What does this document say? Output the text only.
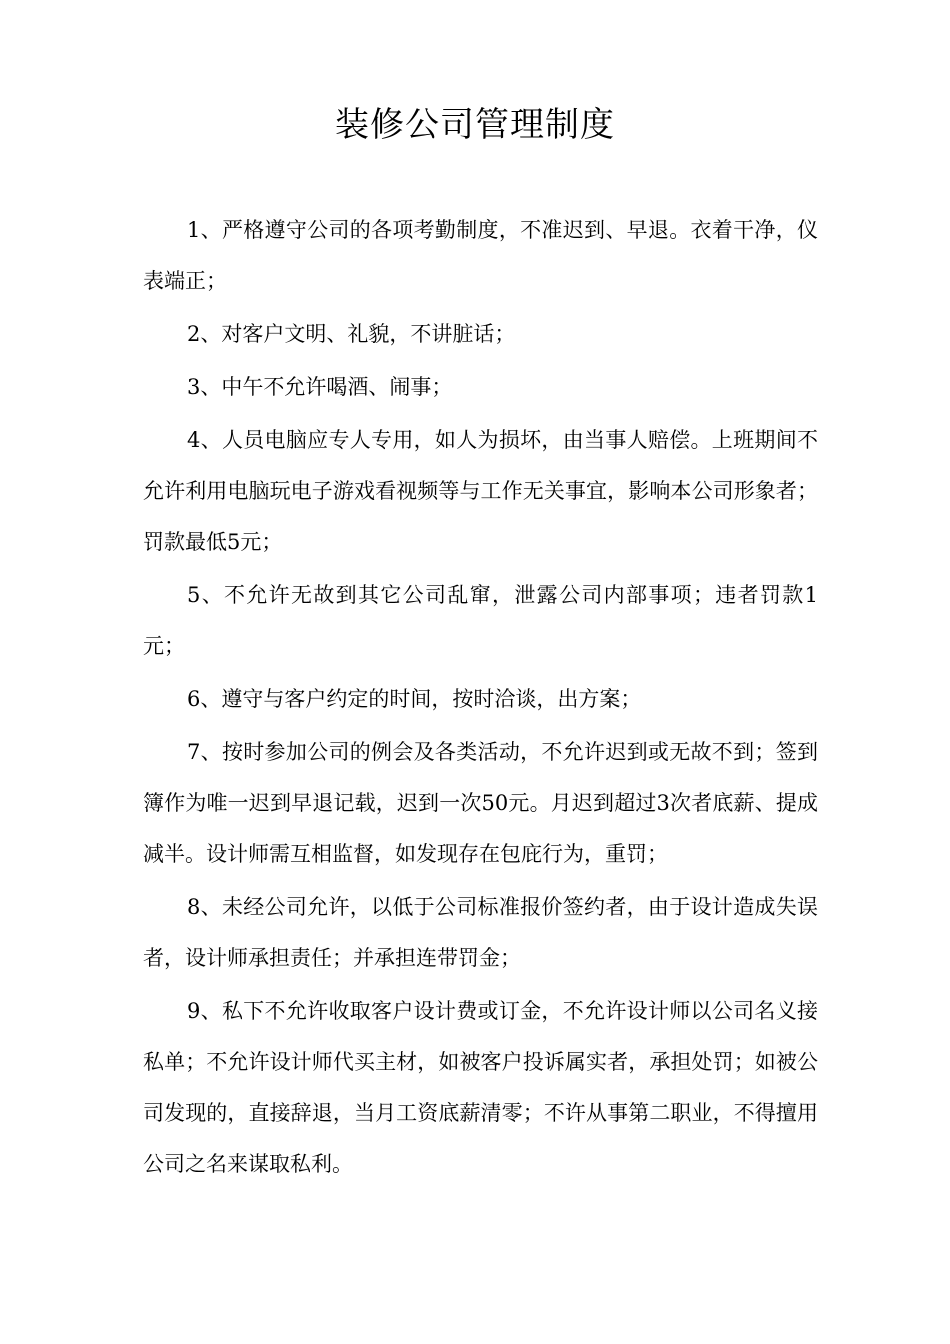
装修公司管理制度

1、严格遵守公司的各项考勤制度，不准迟到、早退。衣着干净，仪表端正；

2、对客户文明、礼貌，不讲脏话；

3、中午不允许喝酒、闹事；

4、人员电脑应专人专用，如人为损坏，由当事人赔偿。上班期间不允许利用电脑玩电子游戏看视频等与工作无关事宜，影响本公司形象者；罚款最低5元；

5、不允许无故到其它公司乱窜，泄露公司内部事项；违者罚款1元；

6、遵守与客户约定的时间，按时洽谈，出方案；

7、按时参加公司的例会及各类活动，不允许迟到或无故不到；签到簿作为唯一迟到早退记载，迟到一次50元。月迟到超过3次者底薪、提成减半。设计师需互相监督，如发现存在包庇行为，重罚；

8、未经公司允许，以低于公司标准报价签约者，由于设计造成失误者，设计师承担责任；并承担连带罚金；

9、私下不允许收取客户设计费或订金，不允许设计师以公司名义接私单；不允许设计师代买主材，如被客户投诉属实者，承担处罚；如被公司发现的，直接辞退，当月工资底薪清零；不许从事第二职业，不得擅用公司之名来谋取私利。
